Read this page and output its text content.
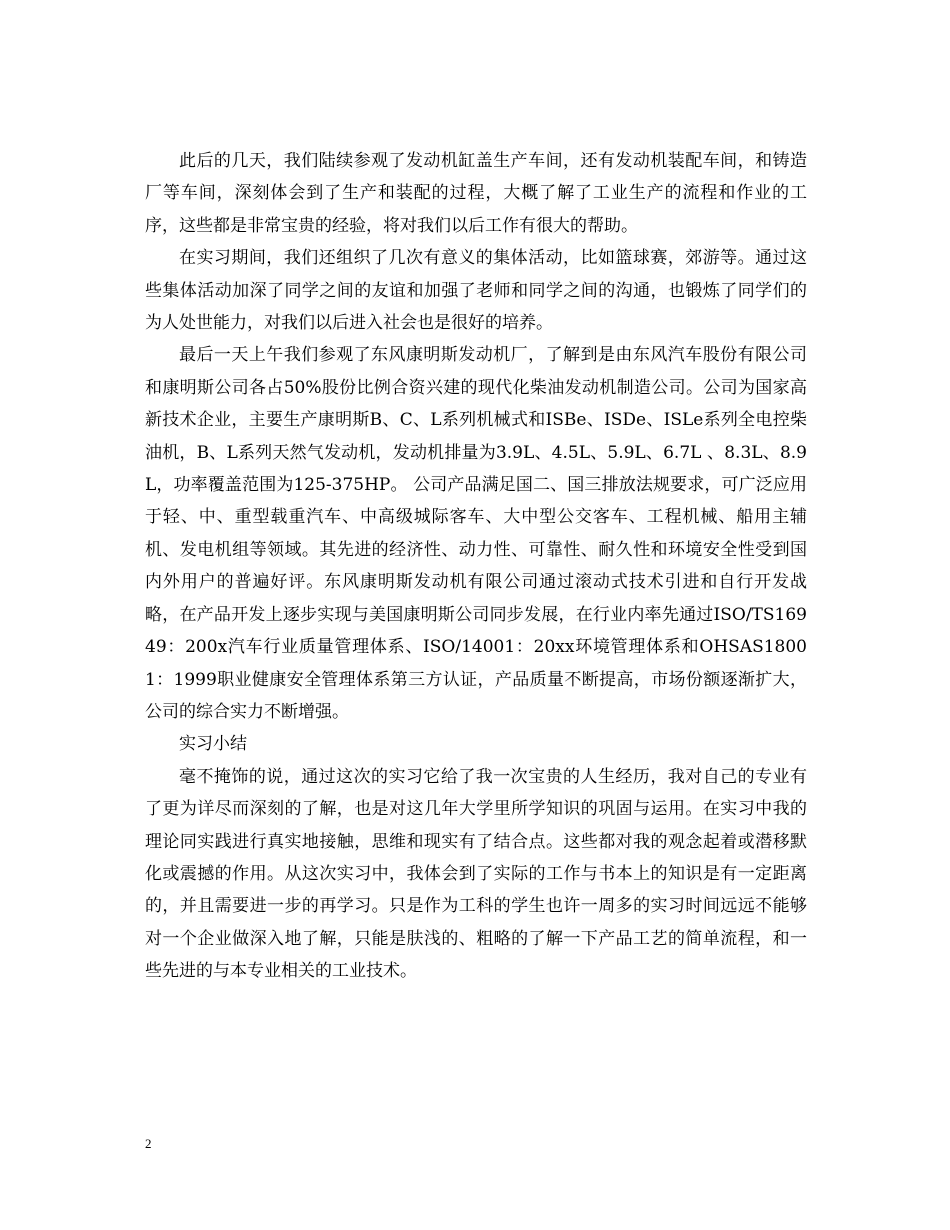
此后的几天，我们陆续参观了发动机缸盖生产车间，还有发动机装配车间，和铸造厂等车间，深刻体会到了生产和装配的过程，大概了解了工业生产的流程和作业的工序，这些都是非常宝贵的经验，将对我们以后工作有很大的帮助。

在实习期间，我们还组织了几次有意义的集体活动，比如篮球赛，郊游等。通过这些集体活动加深了同学之间的友谊和加强了老师和同学之间的沟通，也锻炼了同学们的为人处世能力，对我们以后进入社会也是很好的培养。

最后一天上午我们参观了东风康明斯发动机厂，了解到是由东风汽车股份有限公司和康明斯公司各占50%股份比例合资兴建的现代化柴油发动机制造公司。公司为国家高新技术企业，主要生产康明斯B、C、L系列机械式和ISBe、ISDe、ISLe系列全电控柴油机，B、L系列天然气发动机，发动机排量为3.9L、4.5L、5.9L、6.7L 、8.3L、8.9L，功率覆盖范围为125-375HP。 公司产品满足国二、国三排放法规要求，可广泛应用于轻、中、重型载重汽车、中高级城际客车、大中型公交客车、工程机械、船用主辅机、发电机组等领域。其先进的经济性、动力性、可靠性、耐久性和环境安全性受到国内外用户的普遍好评。东风康明斯发动机有限公司通过滚动式技术引进和自行开发战略，在产品开发上逐步实现与美国康明斯公司同步发展，在行业内率先通过ISO/TS16949：200x汽车行业质量管理体系、ISO/14001：20xx环境管理体系和OHSAS18001：1999职业健康安全管理体系第三方认证，产品质量不断提高，市场份额逐渐扩大，公司的综合实力不断增强。

实习小结

毫不掩饰的说，通过这次的实习它给了我一次宝贵的人生经历，我对自己的专业有了更为详尽而深刻的了解，也是对这几年大学里所学知识的巩固与运用。在实习中我的理论同实践进行真实地接触，思维和现实有了结合点。这些都对我的观念起着或潜移默化或震撼的作用。从这次实习中，我体会到了实际的工作与书本上的知识是有一定距离的，并且需要进一步的再学习。只是作为工科的学生也许一周多的实习时间远远不能够对一个企业做深入地了解，只能是肤浅的、粗略的了解一下产品工艺的简单流程，和一些先进的与本专业相关的工业技术。

2
